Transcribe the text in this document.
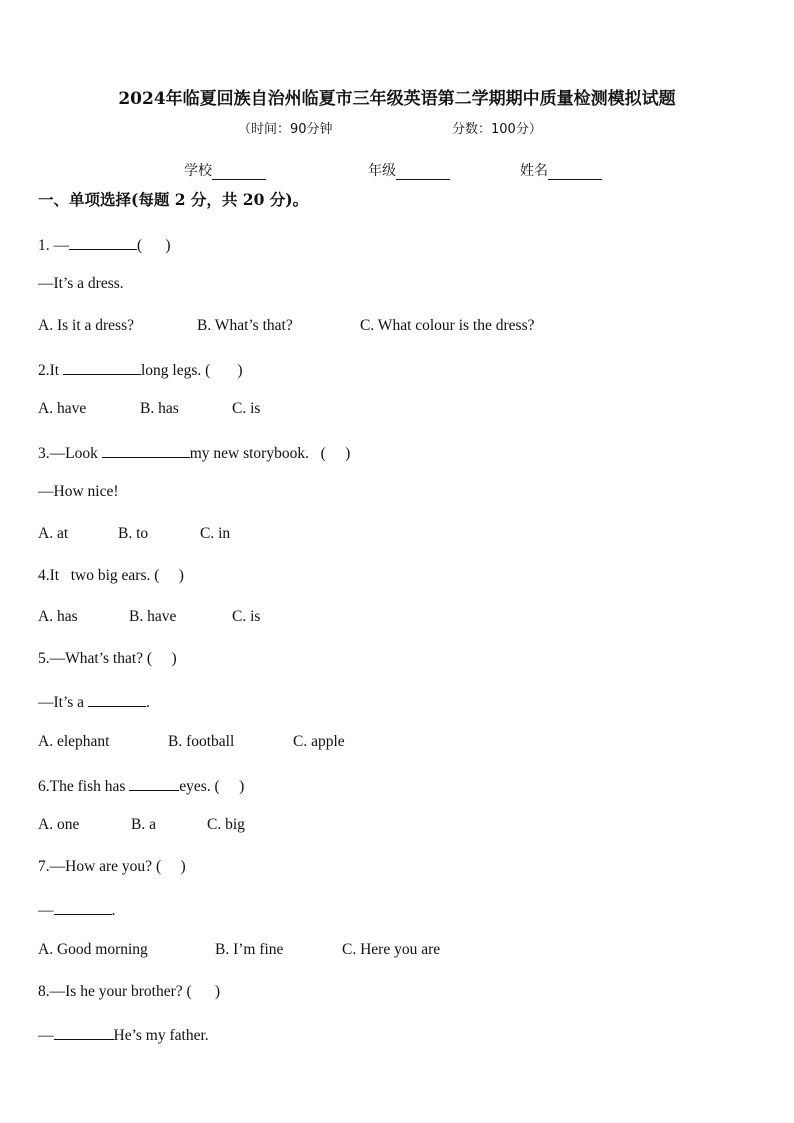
2024年临夏回族自治州临夏市三年级英语第二学期期中质量检测模拟试题
（时间：90分钟	分数：100分）
学校	年级	姓名
一、单项选择(每题 2 分，共 20 分)。
1. —	(      )
—It’s a dress.
A. Is it a dress?	B. What’s that?	C. What colour is the dress?
2.It	long legs. (       )
A. have	B. has	C. is
3.—Look	my new storybook.   (     )
—How nice!
A. at	B. to	C. in
4.It   two big ears. (     )
A. has	B. have	C. is
5.—What’s that? (     )
—It’s a	.
A. elephant	B. football	C. apple
6.The fish has	eyes. (     )
A. one	B. a	C. big
7.—How are you? (     )
—	.
A. Good morning	B. I’m fine	C. Here you are
8.—Is he your brother? (      )
—	He’s my father.
